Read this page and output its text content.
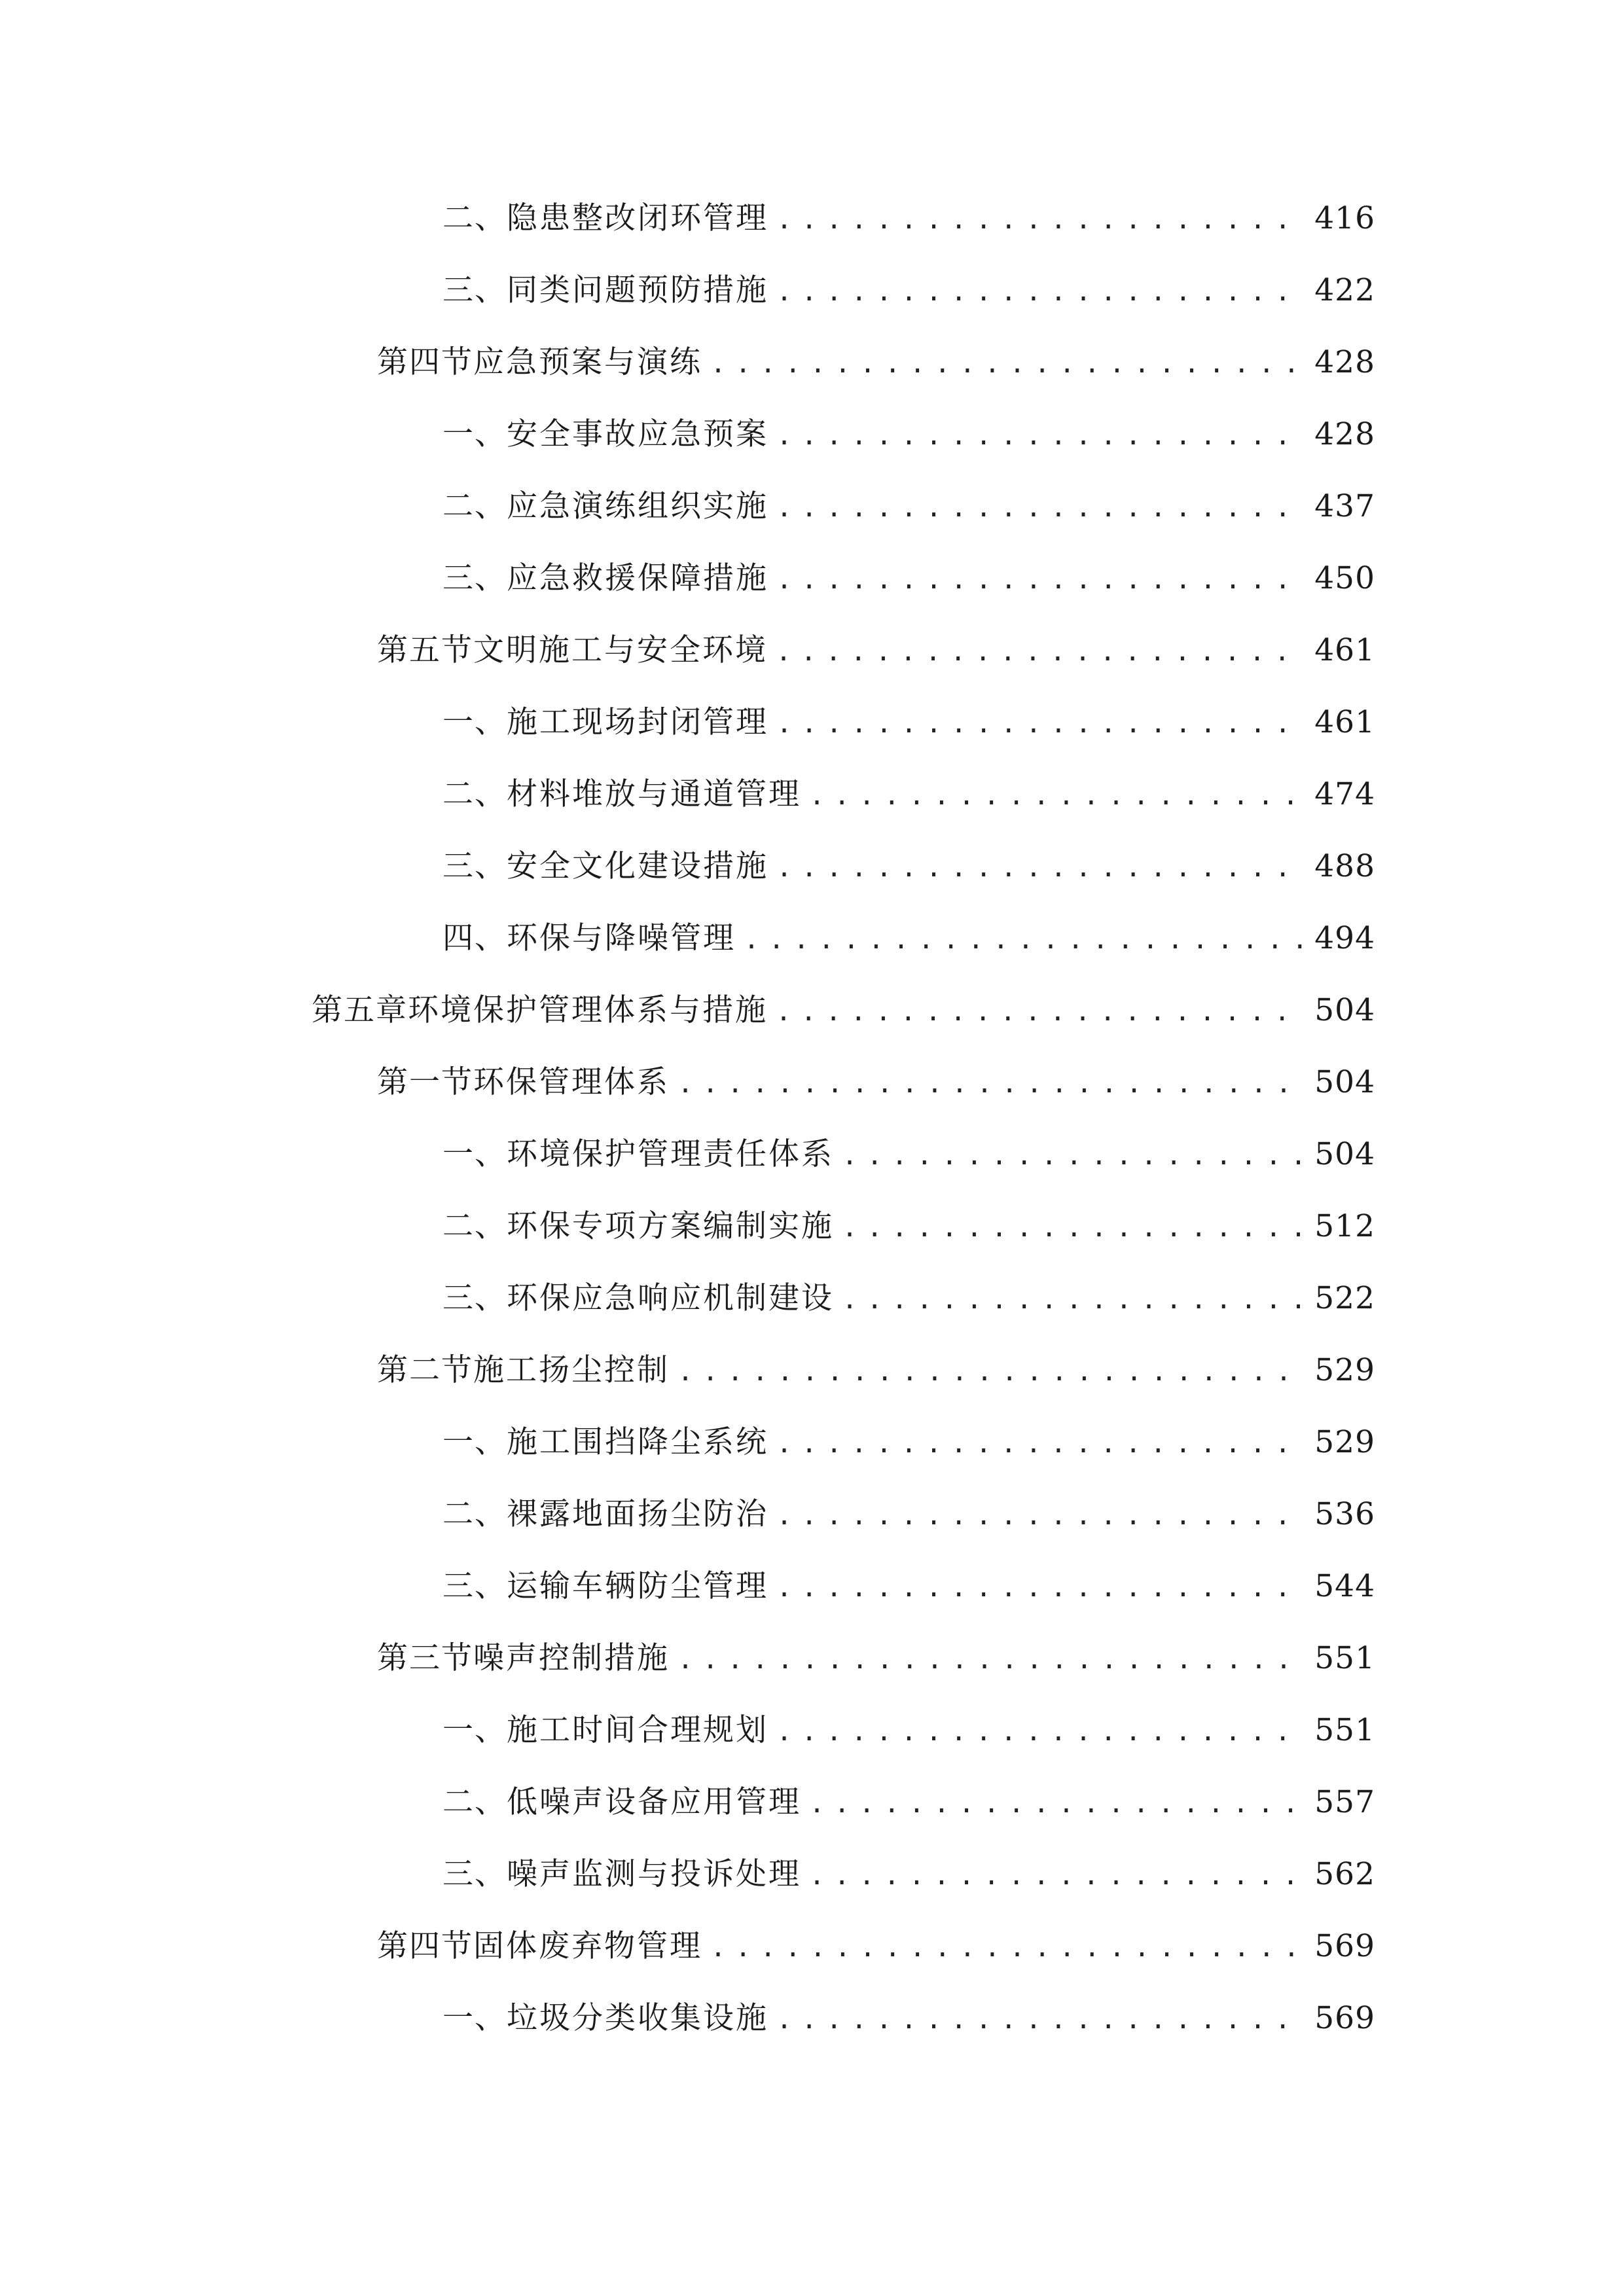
二、 隐患整改闭环管理 .....	416
三、 同类问题预防措施 .....	422
第四节 应急预案与演练 .....	428
一、 安全事故应急预案 .....	428
二、 应急演练组织实施 .....	437
三、 应急救援保障措施 .....	450
第五节 文明施工与安全环境 .....	461
一、 施工现场封闭管理 .....	461
二、 材料堆放与通道管理 .....	474
三、 安全文化建设措施 .....	488
四、 环保与降噪管理 .....	494
第五章 环境保护管理体系与措施 .....	504
第一节 环保管理体系 .....	504
一、 环境保护管理责任体系 .....	504
二、 环保专项方案编制实施 .....	512
三、 环保应急响应机制建设 .....	522
第二节 施工扬尘控制 .....	529
一、 施工围挡降尘系统 .....	529
二、 裸露地面扬尘防治 .....	536
三、 运输车辆防尘管理 .....	544
第三节 噪声控制措施 .....	551
一、 施工时间合理规划 .....	551
二、 低噪声设备应用管理 .....	557
三、 噪声监测与投诉处理 .....	562
第四节 固体废弃物管理 .....	569
一、 垃圾分类收集设施 .....	569
